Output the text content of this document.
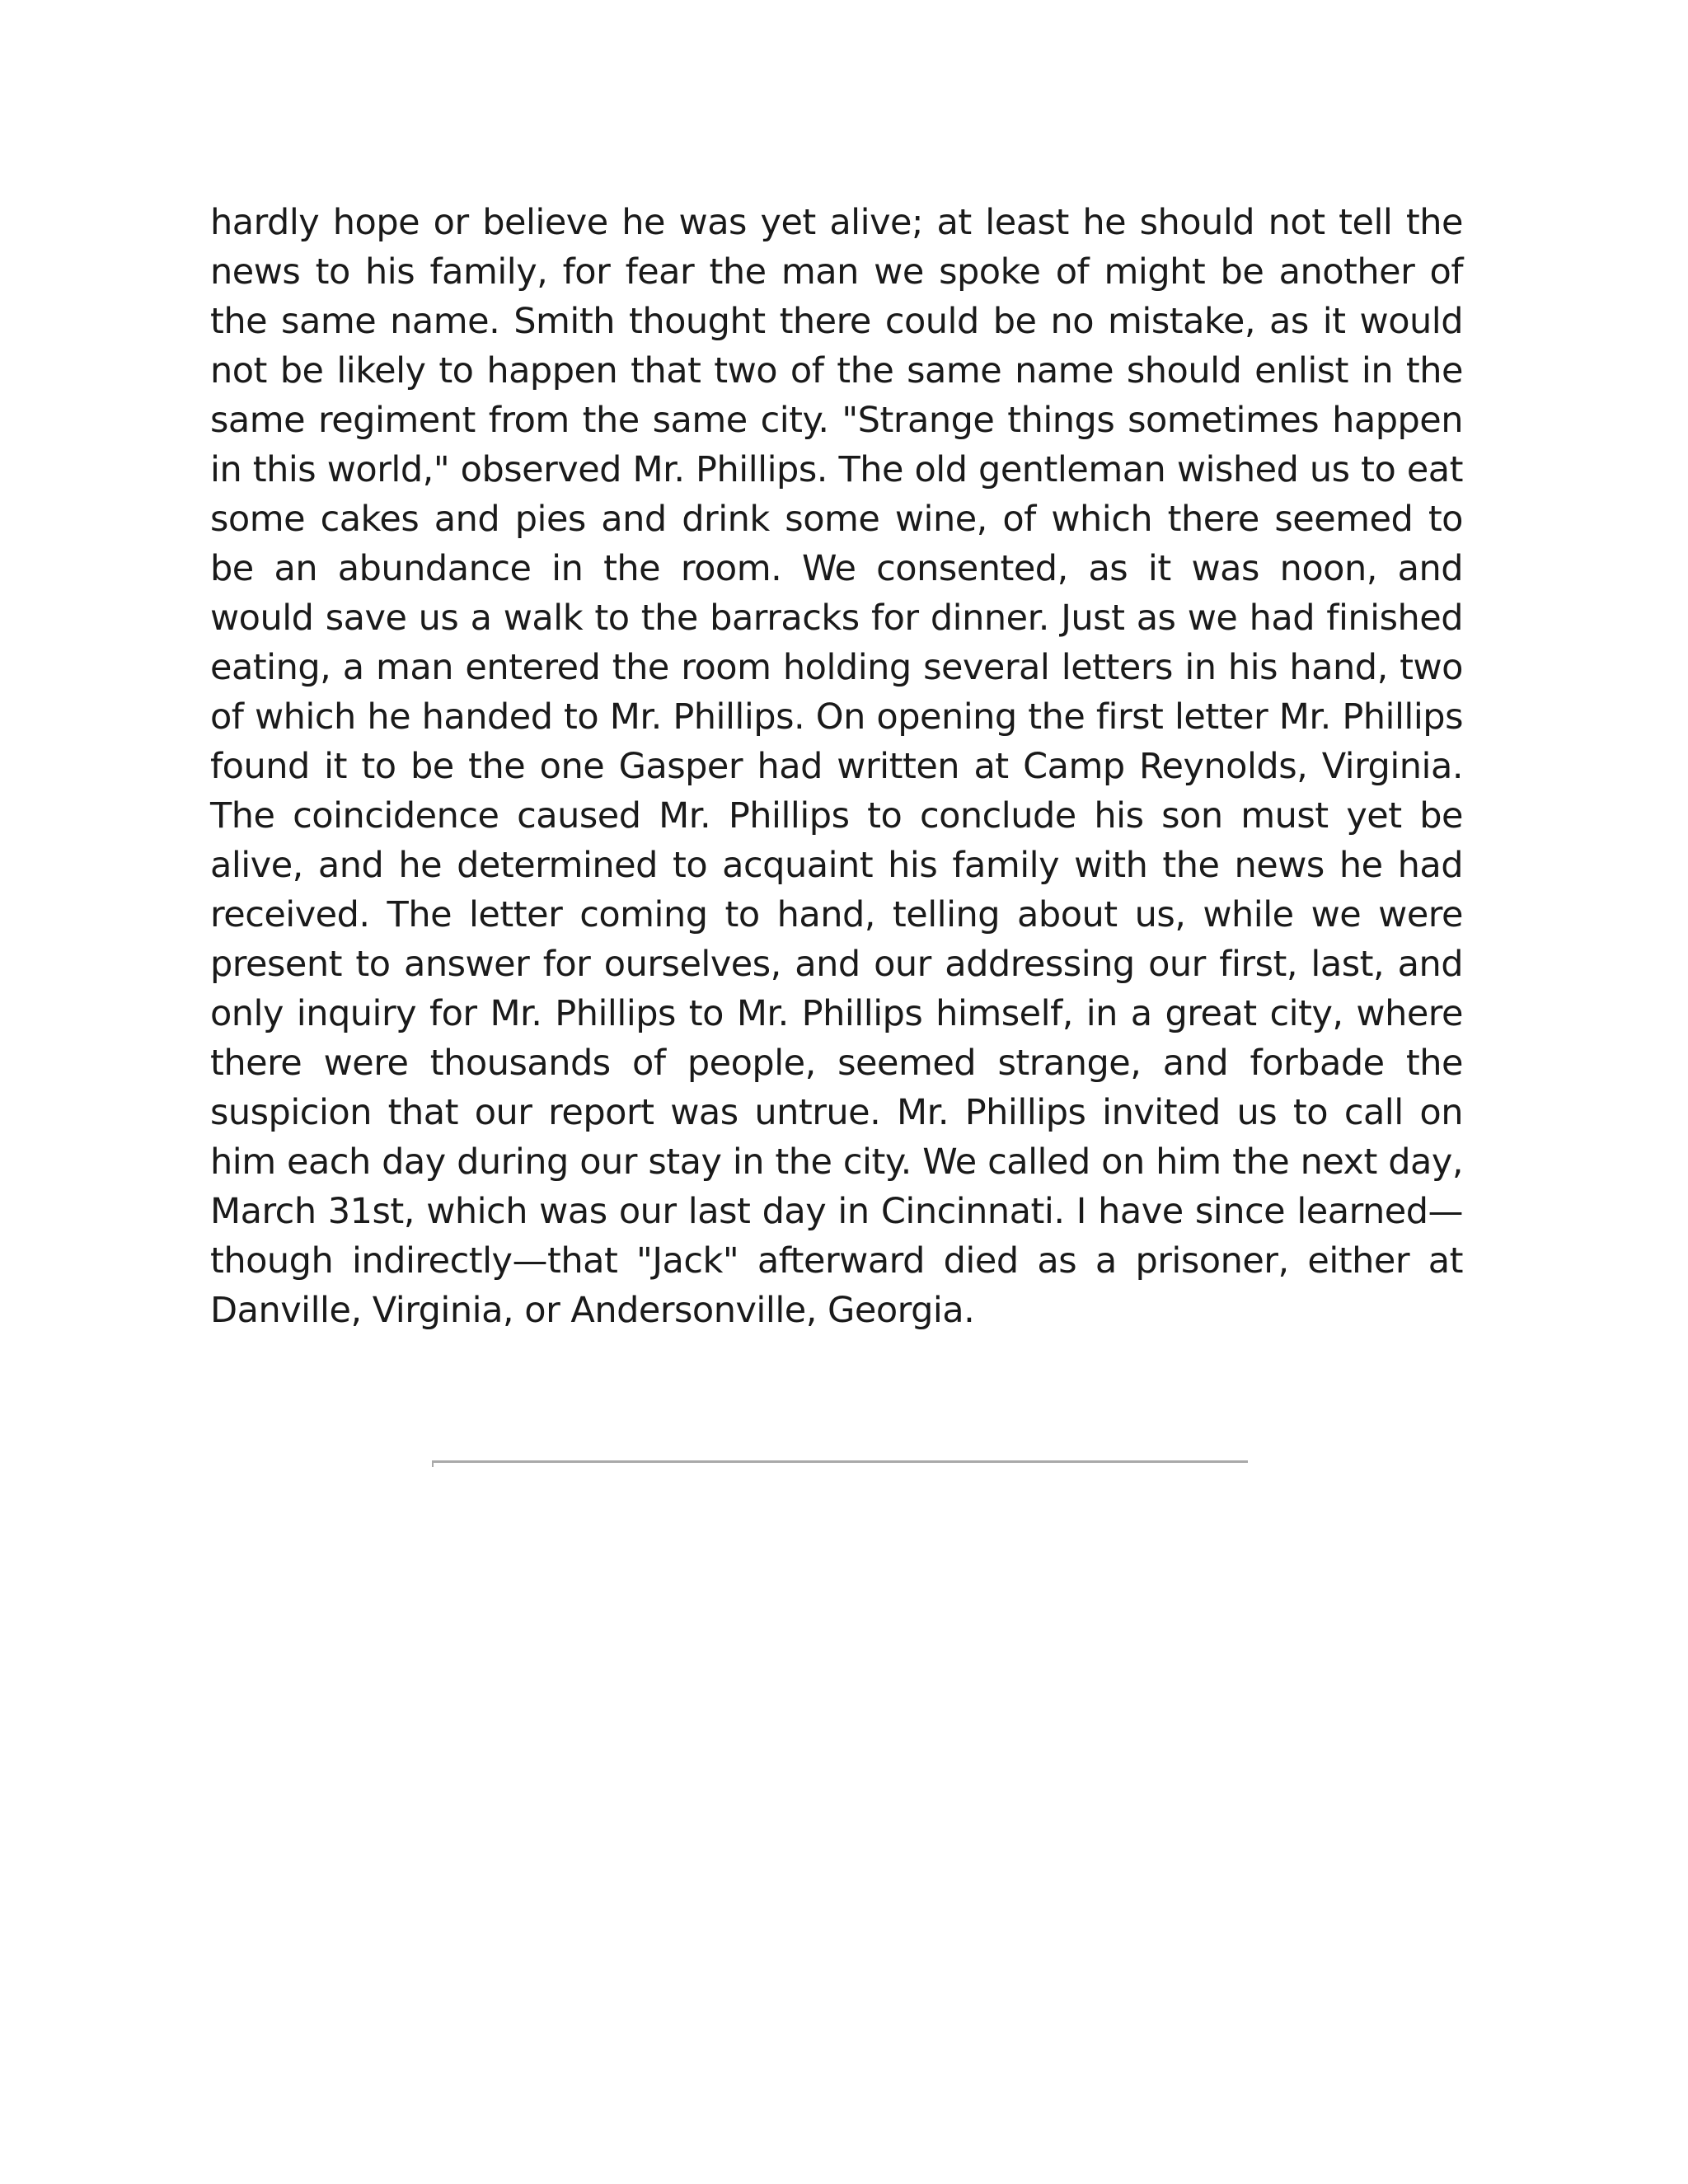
hardly hope or believe he was yet alive; at least he should not tell the news to his family, for fear the man we spoke of might be another of the same name. Smith thought there could be no mistake, as it would not be likely to happen that two of the same name should enlist in the same regiment from the same city. "Strange things sometimes happen in this world," observed Mr. Phillips. The old gentleman wished us to eat some cakes and pies and drink some wine, of which there seemed to be an abundance in the room. We consented, as it was noon, and would save us a walk to the barracks for dinner. Just as we had finished eating, a man entered the room holding several letters in his hand, two of which he handed to Mr. Phillips. On opening the first letter Mr. Phillips found it to be the one Gasper had written at Camp Reynolds, Virginia. The coincidence caused Mr. Phillips to conclude his son must yet be alive, and he determined to acquaint his family with the news he had received. The letter coming to hand, telling about us, while we were present to answer for ourselves, and our addressing our first, last, and only inquiry for Mr. Phillips to Mr. Phillips himself, in a great city, where there were thousands of people, seemed strange, and forbade the suspicion that our report was untrue. Mr. Phillips invited us to call on him each day during our stay in the city. We called on him the next day, March 31st, which was our last day in Cincinnati. I have since learned—though indirectly—that "Jack" afterward died as a prisoner, either at Danville, Virginia, or Andersonville, Georgia.
